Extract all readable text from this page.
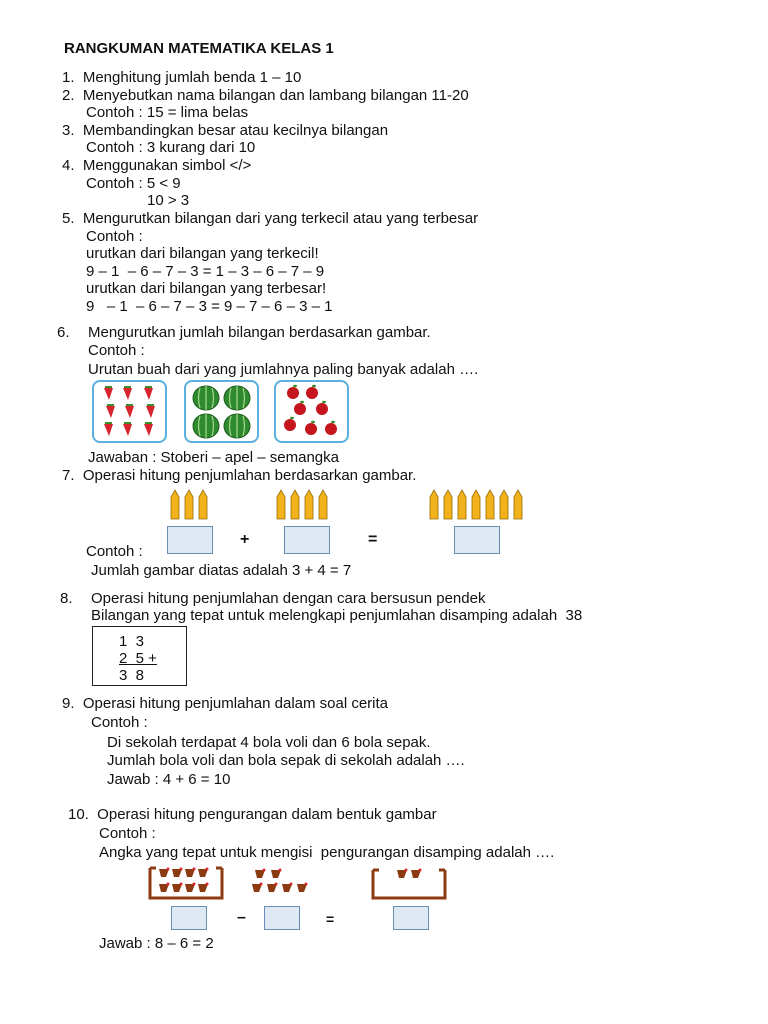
RANGKUMAN MATEMATIKA KELAS 1
1.  Menghitung jumlah benda 1 – 10
2.  Menyebutkan nama bilangan dan lambang bilangan 11-20
Contoh : 15 = lima belas
3.  Membandingkan besar atau kecilnya bilangan
Contoh : 3 kurang dari 10
4.  Menggunakan simbol </>
Contoh : 5 < 9
10 > 3
5.  Mengurutkan bilangan dari yang terkecil atau yang terbesar
Contoh :
urutkan dari bilangan yang terkecil!
9 – 1  – 6 – 7 – 3 = 1 – 3 – 6 – 7 – 9
urutkan dari bilangan yang terbesar!
9   – 1  – 6 – 7 – 3 = 9 – 7 – 6 – 3 – 1
6. Mengurutkan jumlah bilangan berdasarkan gambar.
Contoh :
Urutan buah dari yang jumlahnya paling banyak adalah ….
Jawaban : Stoberi – apel – semangka
7.  Operasi hitung penjumlahan berdasarkan gambar.
Contoh :
+	=
Jumlah gambar diatas adalah 3 + 4 = 7
8. Operasi hitung penjumlahan dengan cara bersusun pendek
Bilangan yang tepat untuk melengkapi penjumlahan disamping adalah  38
1  3
2  5 +
3  8
9.  Operasi hitung penjumlahan dalam soal cerita
Contoh :
Di sekolah terdapat 4 bola voli dan 6 bola sepak.
Jumlah bola voli dan bola sepak di sekolah adalah ….
Jawab : 4 + 6 = 10
10.  Operasi hitung pengurangan dalam bentuk gambar
Contoh :
Angka yang tepat untuk mengisi  pengurangan disamping adalah ….
–	=
Jawab : 8 – 6 = 2
